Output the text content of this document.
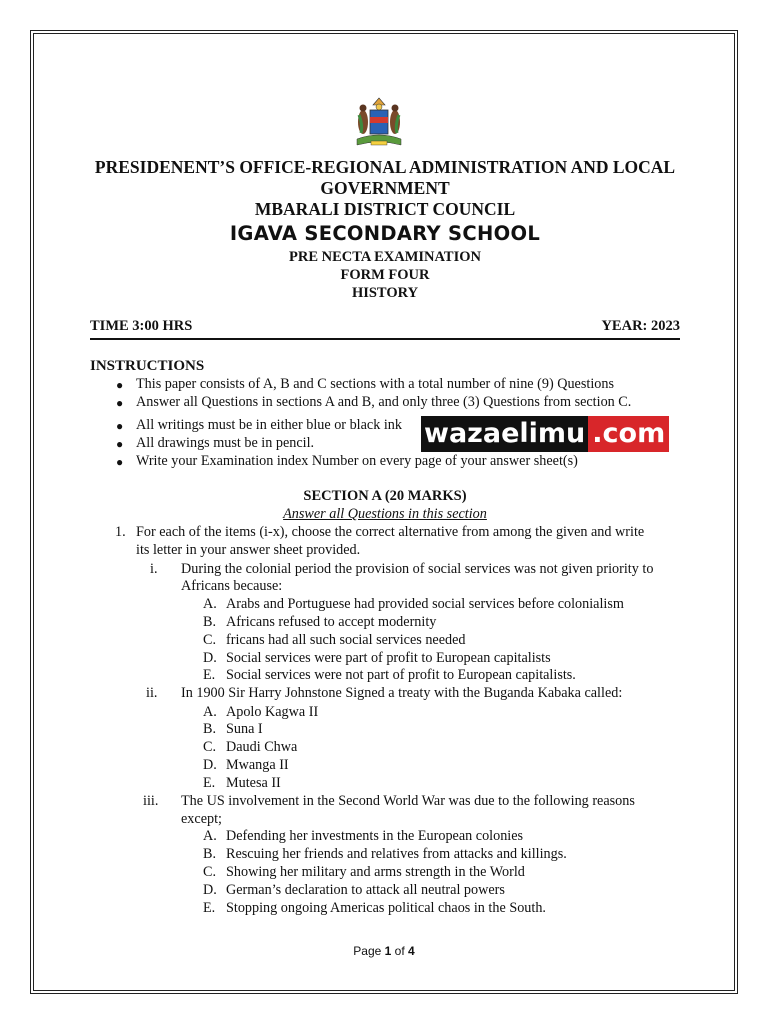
PRESIDENENT’S OFFICE-REGIONAL ADMINISTRATION AND LOCAL
GOVERNMENT
MBARALI DISTRICT COUNCIL
IGAVA SECONDARY SCHOOL
PRE NECTA EXAMINATION
FORM FOUR
HISTORY
TIME 3:00 HRS	YEAR: 2023
INSTRUCTIONS
● This paper consists of A, B and C sections with a total number of nine (9) Questions
● Answer all Questions in sections A and B, and only three (3) Questions from section C.
● All writings must be in either blue or black ink
● All drawings must be in pencil.
● Write your Examination index Number on every page of your answer sheet(s)
wazaelimu .com
SECTION A (20 MARKS)
Answer all Questions in this section
1. For each of the items (i-x), choose the correct alternative from among the given and write
its letter in your answer sheet provided.
i. During the colonial period the provision of social services was not given priority to
Africans because:
A. Arabs and Portuguese had provided social services before colonialism
B. Africans refused to accept modernity
C. fricans had all such social services needed
D. Social services were part of profit to European capitalists
E. Social services were not part of profit to European capitalists.
ii. In 1900 Sir Harry Johnstone Signed a treaty with the Buganda Kabaka called:
A. Apolo Kagwa II
B. Suna I
C. Daudi Chwa
D. Mwanga II
E. Mutesa II
iii. The US involvement in the Second World War was due to the following reasons
except;
A. Defending her investments in the European colonies
B. Rescuing her friends and relatives from attacks and killings.
C. Showing her military and arms strength in the World
D. German’s declaration to attack all neutral powers
E. Stopping ongoing Americas political chaos in the South.
Page 1 of 4
